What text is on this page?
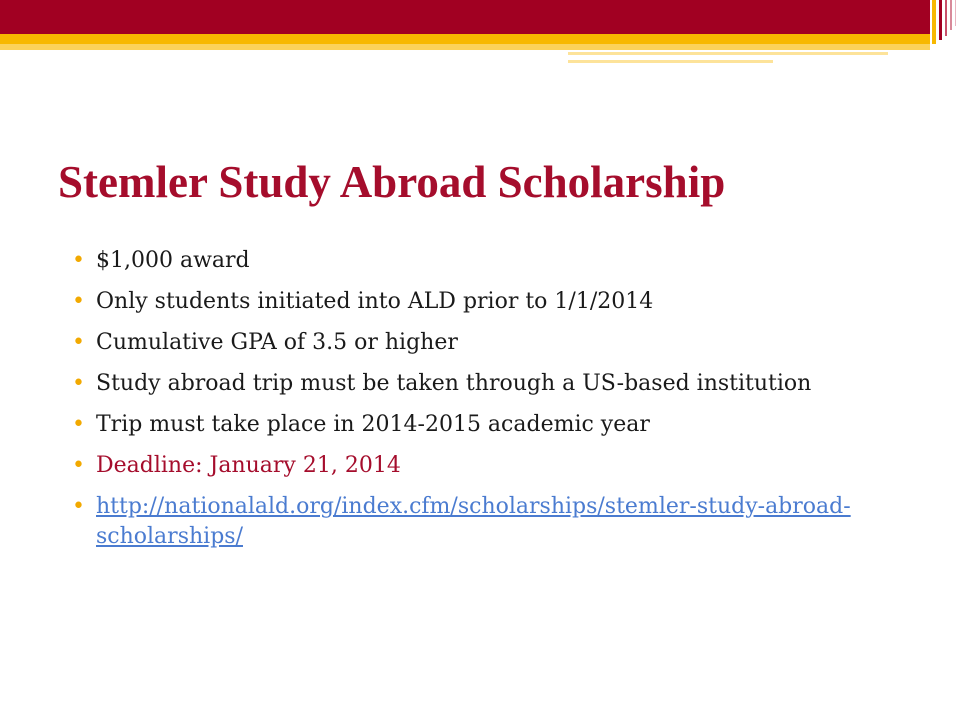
Stemler Study Abroad Scholarship
• $1,000 award
• Only students initiated into ALD prior to 1/1/2014
• Cumulative GPA of 3.5 or higher
• Study abroad trip must be taken through a US-based institution
• Trip must take place in 2014-2015 academic year
• Deadline: January 21, 2014
• http://nationalald.org/index.cfm/scholarships/stemler-study-abroad-scholarships/
